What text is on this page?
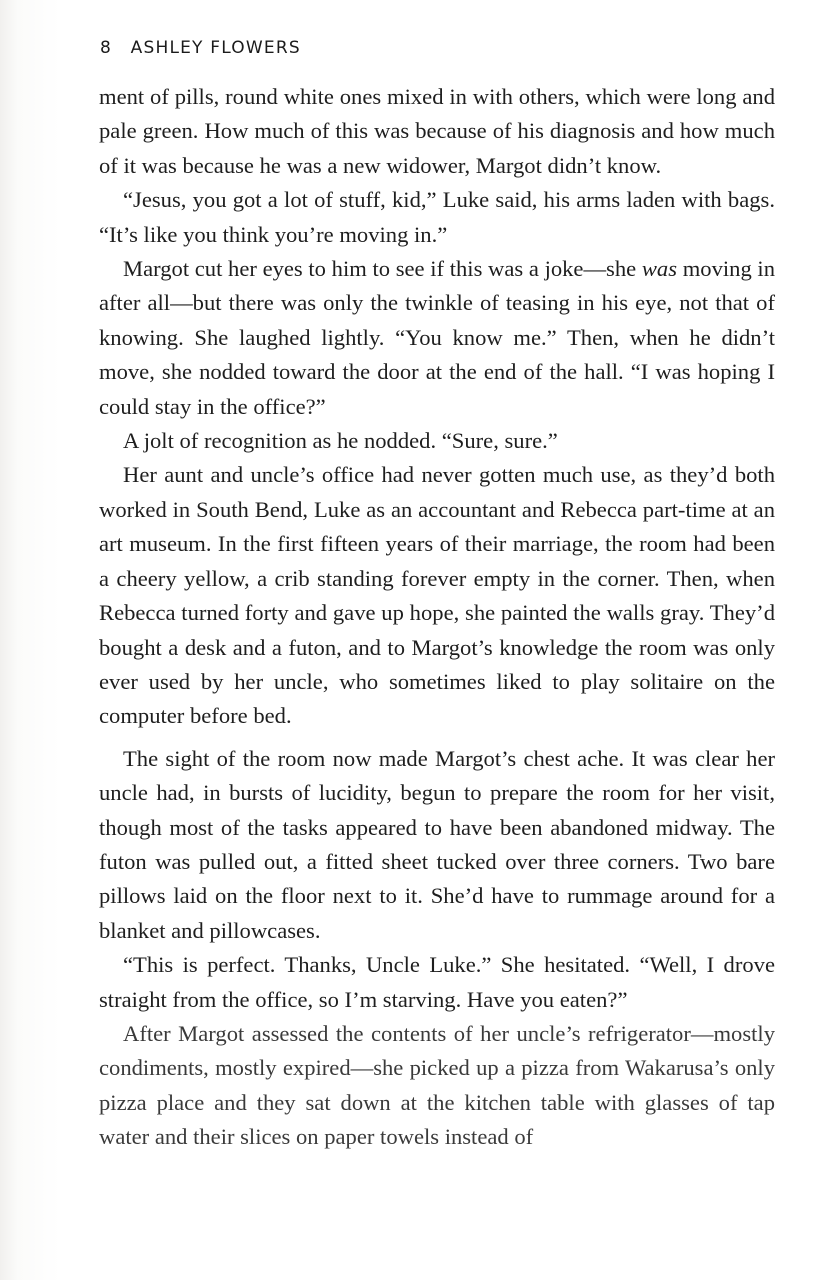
8 ASHLEY FLOWERS

ment of pills, round white ones mixed in with others, which were long and pale green. How much of this was because of his diagnosis and how much of it was because he was a new widower, Margot didn’t know.

“Jesus, you got a lot of stuff, kid,” Luke said, his arms laden with bags. “It’s like you think you’re moving in.”

Margot cut her eyes to him to see if this was a joke—she was moving in after all—but there was only the twinkle of teasing in his eye, not that of knowing. She laughed lightly. “You know me.” Then, when he didn’t move, she nodded toward the door at the end of the hall. “I was hoping I could stay in the office?”

A jolt of recognition as he nodded. “Sure, sure.”

Her aunt and uncle’s office had never gotten much use, as they’d both worked in South Bend, Luke as an accountant and Rebecca part-time at an art museum. In the first fifteen years of their marriage, the room had been a cheery yellow, a crib standing forever empty in the corner. Then, when Rebecca turned forty and gave up hope, she painted the walls gray. They’d bought a desk and a futon, and to Margot’s knowledge the room was only ever used by her uncle, who sometimes liked to play solitaire on the computer before bed.

The sight of the room now made Margot’s chest ache. It was clear her uncle had, in bursts of lucidity, begun to prepare the room for her visit, though most of the tasks appeared to have been abandoned midway. The futon was pulled out, a fitted sheet tucked over three corners. Two bare pillows laid on the floor next to it. She’d have to rummage around for a blanket and pillowcases.

“This is perfect. Thanks, Uncle Luke.” She hesitated. “Well, I drove straight from the office, so I’m starving. Have you eaten?”

After Margot assessed the contents of her uncle’s refrigerator—mostly condiments, mostly expired—she picked up a pizza from Wakarusa’s only pizza place and they sat down at the kitchen table with glasses of tap water and their slices on paper towels instead of
